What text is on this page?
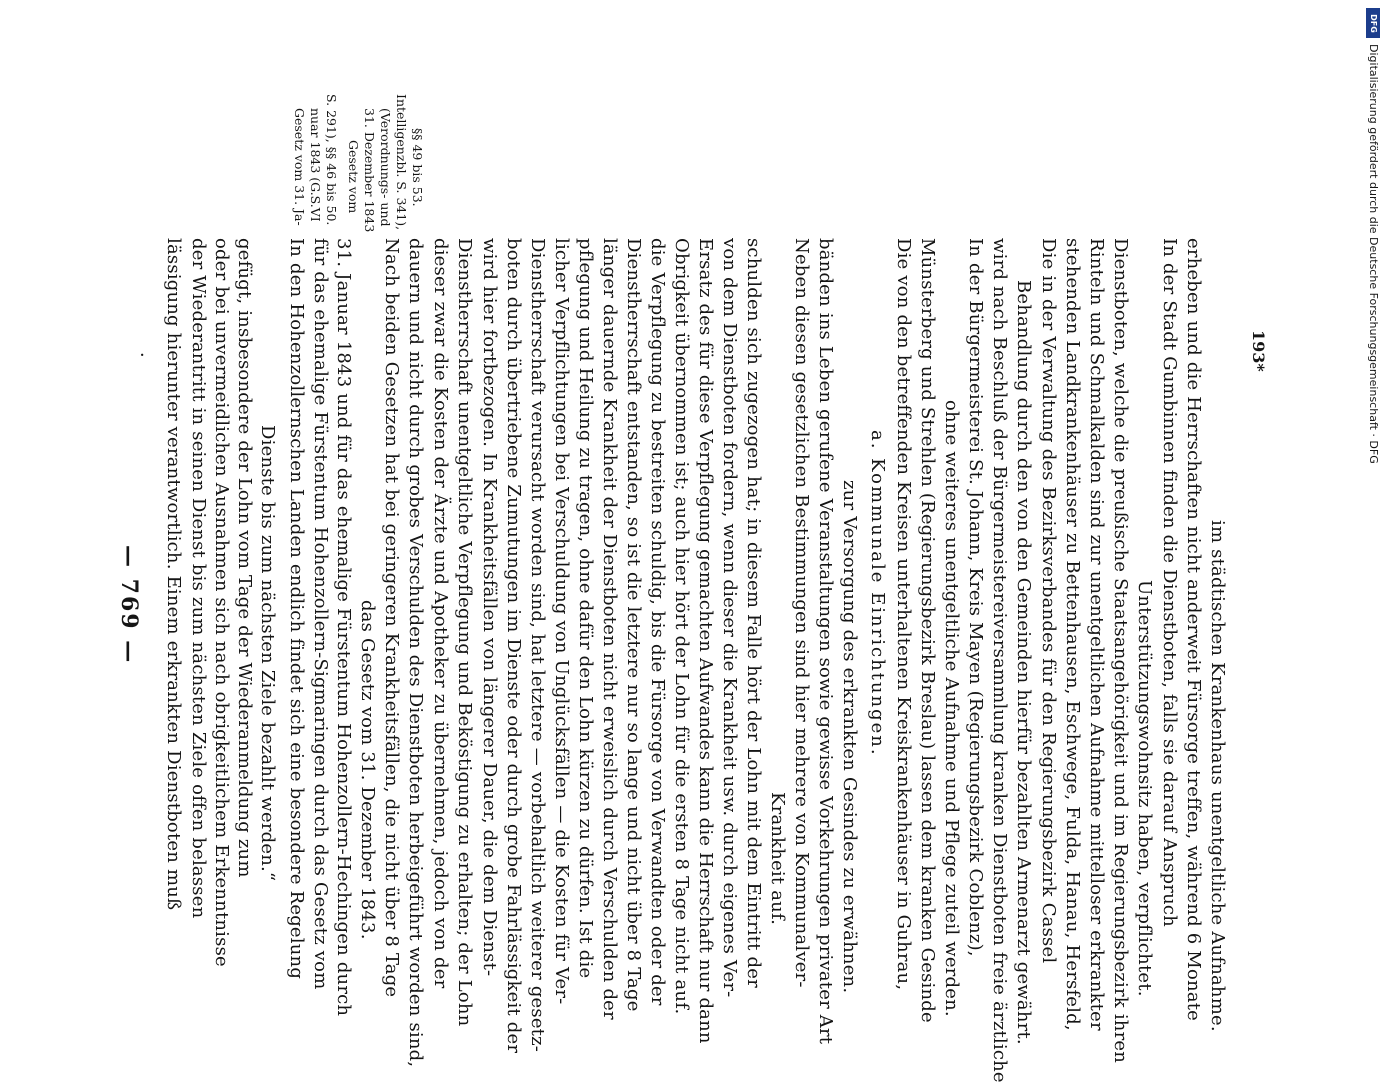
— 769 —
· lässigung hierunter verantwortlich. Einem erkrankten Dienstboten muß der Wiederantritt in seinen Dienst bis zum nächsten Ziele offen belassen oder bei unvermeidlichen Ausnahmen sich nach obrigkeitlichem Erkenntnisse gefügt, insbesondere der Lohn vom Tage der Wiederanmeldung zum Dienste bis zum nächsten Ziele bezahlt werden.“ In den Hohenzollernschen Landen endlich findet sich eine besondere Regelung für das ehemalige Fürstentum Hohenzollern-Sigmaringen durch das Gesetz vom 31. Januar 1843 und für das ehemalige Fürstentum Hohenzollern-Hechingen durch das Gesetz vom 31. Dezember 1843. Nach beiden Gesetzen hat bei geringeren Krankheitsfällen, die nicht über 8 Tage dauern und nicht durch grobes Verschulden des Dienstboten herbeigeführt worden sind, dieser zwar die Kosten der Ärzte und Apotheker zu übernehmen, jedoch von der Dienstherrschaft unentgeltliche Verpflegung und Beköstigung zu erhalten; der Lohn wird hier fortbezogen. In Krankheitsfällen von längerer Dauer, die dem Dienst- boten durch übertriebene Zumutungen im Dienste oder durch grobe Fahrlässigkeit der Dienstherrschaft verursacht worden sind, hat letztere — vorbehaltlich weiterer gesetz- licher Verpflichtungen bei Verschuldung von Unglücksfällen — die Kosten für Ver- pflegung und Heilung zu tragen, ohne dafür den Lohn kürzen zu dürfen. Ist die länger dauernde Krankheit der Dienstboten nicht erweislich durch Verschulden der Dienstherrschaft entstanden, so ist die letztere nur so lange und nicht über 8 Tage die Verpflegung zu bestreiten schuldig, bis die Fürsorge von Verwandten oder der Obrigkeit übernommen ist; auch hier hört der Lohn für die ersten 8 Tage nicht auf. Ersatz des für diese Verpflegung gemachten Aufwandes kann die Herrschaft nur dann von dem Dienstboten fordern, wenn dieser die Krankheit usw. durch eigenes Ver- schulden sich zugezogen hat; in diesem Falle hört der Lohn mit dem Eintritt der Krankheit auf. Neben diesen gesetzlichen Bestimmungen sind hier mehrere von Kommunalver- bänden ins Leben gerufene Veranstaltungen sowie gewisse Vorkehrungen privater Art zur Versorgung des erkrankten Gesindes zu erwähnen. a. Kommunale Einrichtungen. Die von den betreffenden Kreisen unterhaltenen Kreiskrankenhäuser in Guhrau, Münsterberg und Strehlen (Regierungsbezirk Breslau) lassen dem kranken Gesinde ohne weiteres unentgeltliche Aufnahme und Pflege zuteil werden. In der Bürgermeisterei St. Johann, Kreis Mayen (Regierungsbezirk Coblenz), wird nach Beschluß der Bürgermeistereiversammlung kranken Dienstboten freie ärztliche Behandlung durch den von den Gemeinden hierfür bezahlten Armenarzt gewährt. Die in der Verwaltung des Bezirksverbandes für den Regierungsbezirk Cassel stehenden Landkrankenhäuser zu Bettenhausen, Eschwege, Fulda, Hanau, Hersfeld, Rinteln und Schmalkalden sind zur unentgeltlichen Aufnahme mittelloser erkrankter Dienstboten, welche die preußische Staatsangehörigkeit und im Regierungsbezirk ihren Unterstützungswohnsitz haben, verpflichtet. In der Stadt Gumbinnen finden die Dienstboten, falls sie darauf Anspruch erheben und die Herrschaften nicht anderweit Fürsorge treffen, während 6 Monate im städtischen Krankenhaus unentgeltliche Aufnahme.
Gesetz vom 31. Ja- nuar 1843 (G.S.VI S. 291), §§ 46 bis 50. Gesetz vom 31. Dezember 1843 (Verordnungs- und Intelligenzbl. S. 341), §§ 49 bis 53.
193*	Digitalisierung gefördert durch die Deutsche Forschungsgemeinschaft · DFG
DFG
